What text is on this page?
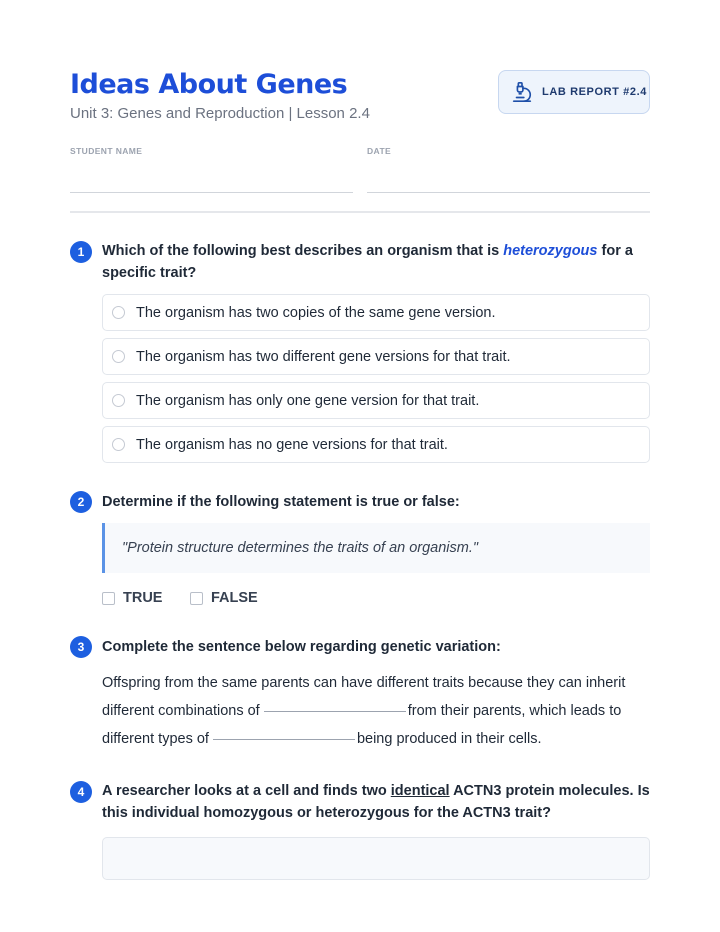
Ideas About Genes
Unit 3: Genes and Reproduction | Lesson 2.4
LAB REPORT #2.4
STUDENT NAME	DATE
1	Which of the following best describes an organism that is heterozygous for a specific trait?
The organism has two copies of the same gene version.
The organism has two different gene versions for that trait.
The organism has only one gene version for that trait.
The organism has no gene versions for that trait.
2	Determine if the following statement is true or false:
"Protein structure determines the traits of an organism."
TRUE	FALSE
3	Complete the sentence below regarding genetic variation:
Offspring from the same parents can have different traits because they can inherit
different combinations of	from their parents, which leads to
different types of	being produced in their cells.
4	A researcher looks at a cell and finds two identical ACTN3 protein molecules. Is this individual homozygous or heterozygous for the ACTN3 trait?
